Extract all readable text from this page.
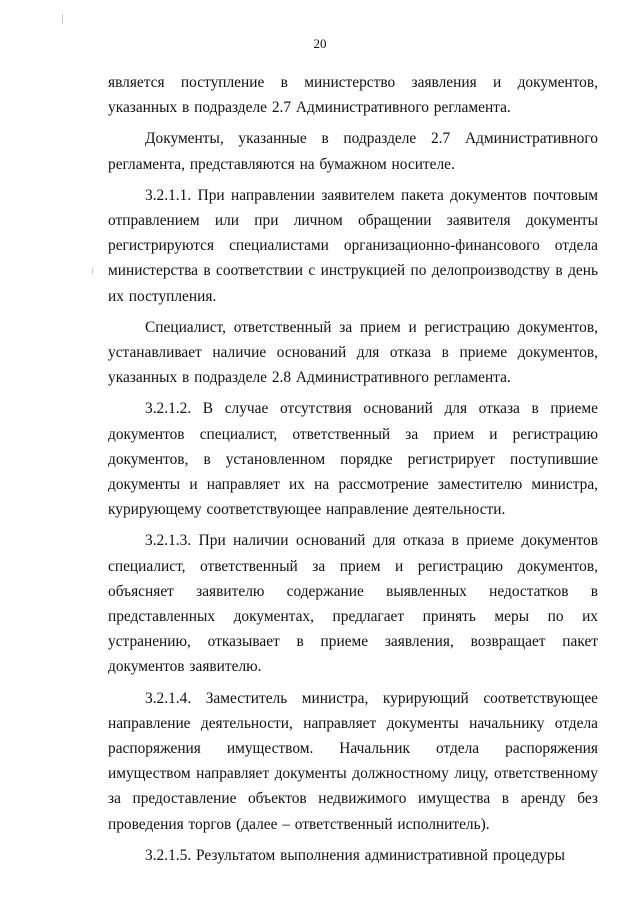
20

является поступление в министерство заявления и документов, указанных в подразделе 2.7 Административного регламента.

Документы, указанные в подразделе 2.7 Административного регламента, представляются на бумажном носителе.

3.2.1.1. При направлении заявителем пакета документов почтовым отправлением или при личном обращении заявителя документы регистрируются специалистами организационно-финансового отдела министерства в соответствии с инструкцией по делопроизводству в день их поступления.

Специалист, ответственный за прием и регистрацию документов, устанавливает наличие оснований для отказа в приеме документов, указанных в подразделе 2.8 Административного регламента.

3.2.1.2. В случае отсутствия оснований для отказа в приеме документов специалист, ответственный за прием и регистрацию документов, в установленном порядке регистрирует поступившие документы и направляет их на рассмотрение заместителю министра, курирующему соответствующее направление деятельности.

3.2.1.3. При наличии оснований для отказа в приеме документов специалист, ответственный за прием и регистрацию документов, объясняет заявителю содержание выявленных недостатков в представленных документах, предлагает принять меры по их устранению, отказывает в приеме заявления, возвращает пакет документов заявителю.

3.2.1.4. Заместитель министра, курирующий соответствующее направление деятельности, направляет документы начальнику отдела распоряжения имуществом. Начальник отдела распоряжения имуществом направляет документы должностному лицу, ответственному за предоставление объектов недвижимого имущества в аренду без проведения торгов (далее – ответственный исполнитель).

3.2.1.5. Результатом выполнения административной процедуры
